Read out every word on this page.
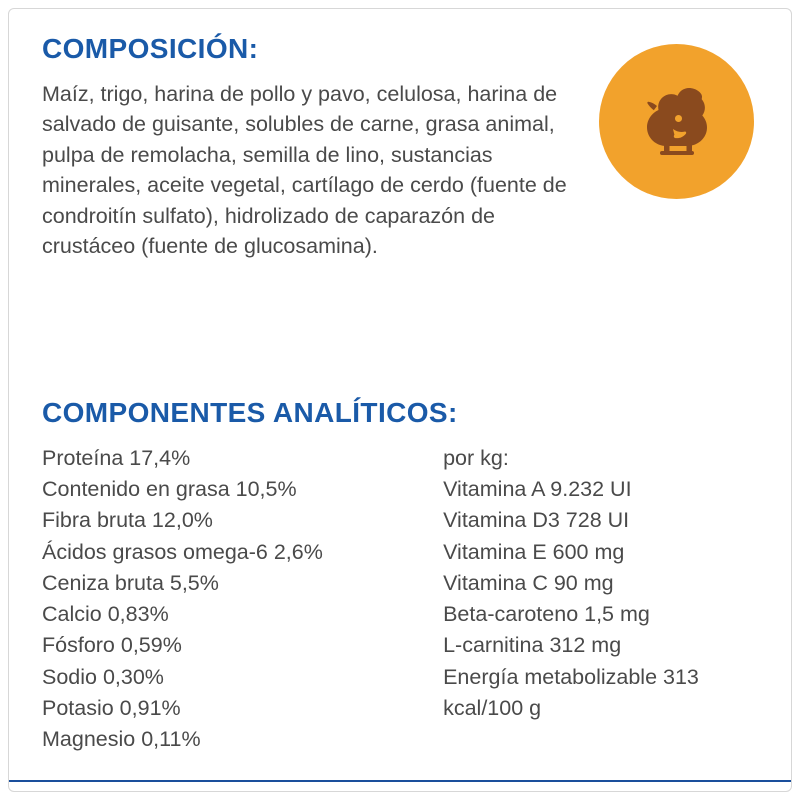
COMPOSICIÓN:

Maíz, trigo, harina de pollo y pavo, celulosa, harina de salvado de guisante, solubles de carne, grasa animal, pulpa de remolacha, semilla de lino, sustancias minerales, aceite vegetal, cartílago de cerdo (fuente de condroitín sulfato), hidrolizado de caparazón de crustáceo (fuente de glucosamina).

COMPONENTES ANALÍTICOS:
Proteína 17,4%
Contenido en grasa 10,5%
Fibra bruta 12,0%
Ácidos grasos omega-6 2,6%
Ceniza bruta 5,5%
Calcio 0,83%
Fósforo 0,59%
Sodio 0,30%
Potasio 0,91%
Magnesio 0,11%
por kg:
Vitamina A 9.232 UI
Vitamina D3 728 UI
Vitamina E 600 mg
Vitamina C 90 mg
Beta-caroteno 1,5 mg
L-carnitina 312 mg
Energía metabolizable 313 kcal/100 g
